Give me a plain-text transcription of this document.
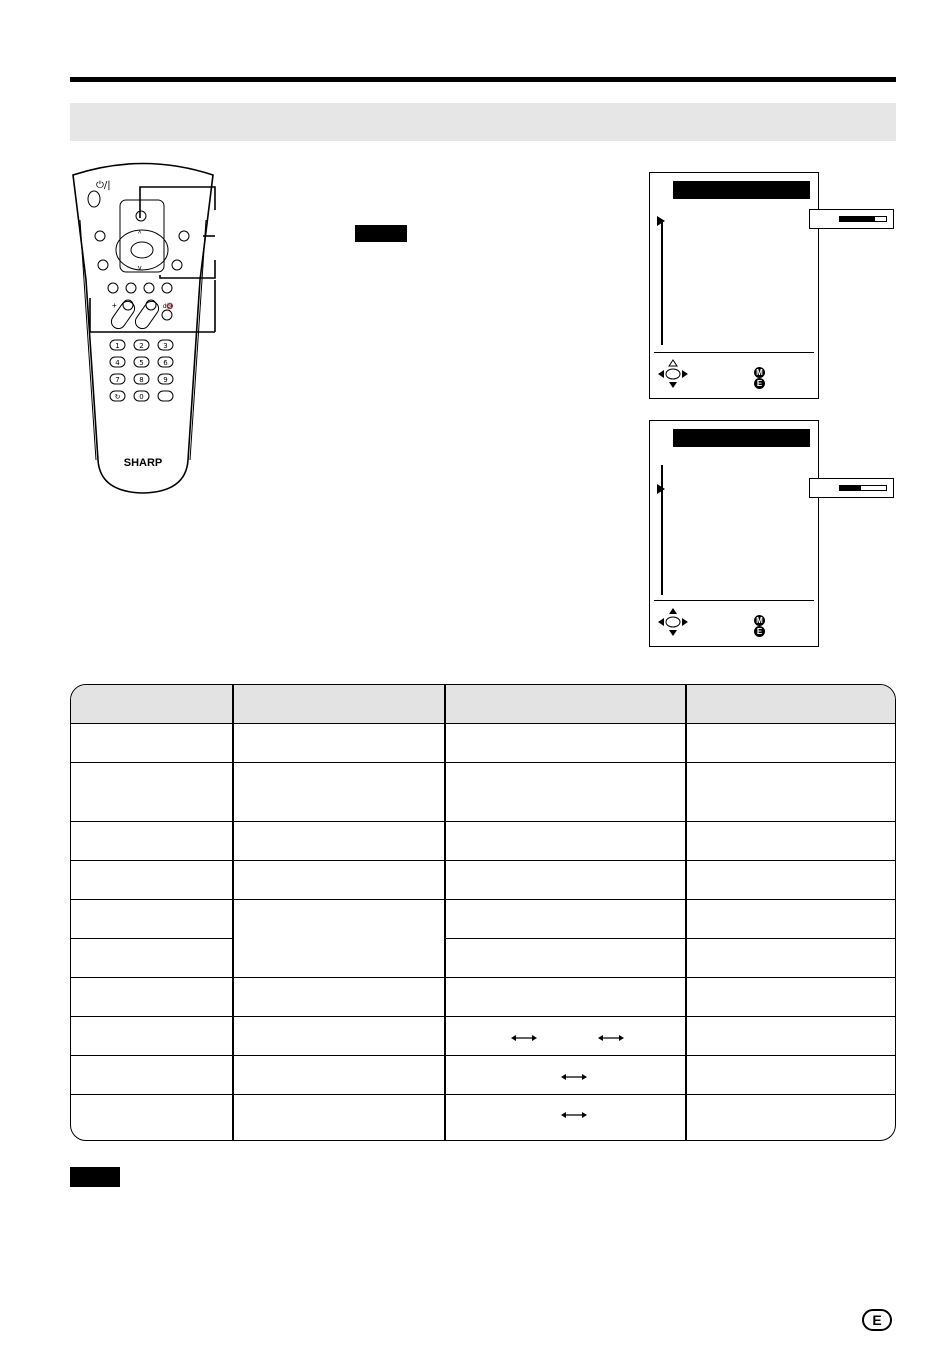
⏻/|
^
v
+	d🔇
1	2	3
4	5	6
7	8	9
↻	0
SHARP
M
E
M
E
E
